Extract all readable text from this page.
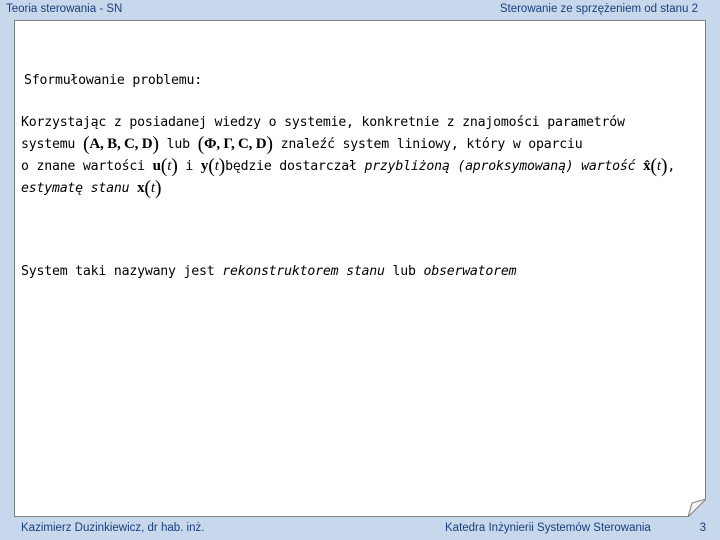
Teoria sterowania - SN	Sterowanie ze sprzężeniem od stanu 2
Sformułowanie problemu:
Korzystając z posiadanej wiedzy o systemie, konkretnie z znajomości parametrów
systemu (A, B, C, D) lub (Φ, Γ, C, D) znaleźć system liniowy, który w oparciu
o znane wartości u(t) i y(t)będzie dostarczał przybliżoną (aproksymowaną) wartość x̂(t),
estymatę stanu x(t)
System taki nazywany jest rekonstruktorem stanu lub obserwatorem
Kazimierz Duzinkiewicz, dr hab. inż.	Katedra Inżynierii Systemów Sterowania	3
